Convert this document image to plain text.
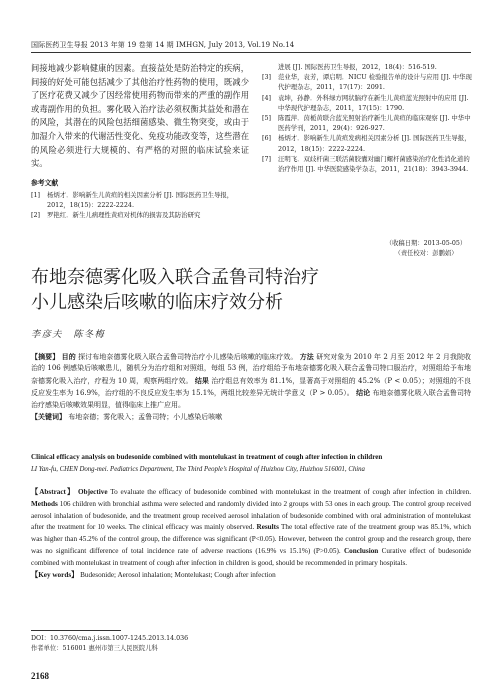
国际医药卫生导报 2013 年第 19 卷第 14 期 IMHGN, July 2013, Vol.19 No.14
间接地减少影响健康的因素。直接益处是防治特定的疾病，间接的好处可能包括减少了其他治疗性药物的使用，既减少了医疗花费又减少了因经常使用药物而带来的严重的副作用或毒副作用的负担。雾化吸入治疗法必须权衡其益处和潜在的风险，其潜在的风险包括细菌感染、微生物突变，或由于加湿介入带来的代谢活性变化、免疫功能改变等，这些潜在的风险必须进行大规模的、有严格的对照的临床试验来证实。
参考文献
[1]	杨炳才．影响新生儿黄疸的相关因素分析 [J]. 国际医药卫生导报，2012，18(15)：2222-2224.
[2]	罗艳红．新生儿病理性黄疸对机体的损害及其防治研究
进展 [J]. 国际医药卫生导报，2012，18(4)：516-519.
[3]	范业华，袁芳，谭启明．NICU 检验报告单的设计与应用 [J]. 中华现代护理杂志，2011，17(17)：2091.
[4]	袁坤，孙静．外科绿方网状脑疗在新生儿黄疸蓝光照射中的应用 [J]. 中华现代护理杂志，2011，17(15)：1790.
[5]	陈霞萍．茵栀黄联合蓝光照射治疗新生儿黄疸的临床观察 [J]. 中华中医药学刊，2011，29(4)：926-927.
[6]	杨炳才．影响新生儿黄疸发病相关因素分析 [J]. 国际医药卫生导报，2012，18(15)：2222-2224.
[7]	汪明飞．双歧杆菌三联活菌胶囊对幽门螺杆菌感染治疗化性消化道的治疗作用 [J]. 中华医院感染学杂志，2011，21(18)：3943-3944.
（收稿日期：2013-05-05）
（责任校对：彭鹏娟）
布地奈德雾化吸入联合孟鲁司特治疗
小儿感染后咳嗽的临床疗效分析
李彦夫　陈冬梅
【摘要】 目的 探讨布地奈德雾化吸入联合孟鲁司特治疗小儿感染后咳嗽的临床疗效。 方法 研究对象为 2010 年 2 月至 2012 年 2 月我院收治的 106 例感染后咳嗽患儿，随机分为治疗组和对照组，每组 53 例，治疗组给予布地奈德雾化吸入联合孟鲁司特口服治疗，对照组给予布地奈德雾化吸入治疗，疗程为 10 周，观察两组疗效。 结果 治疗组总有效率为 81.1%，显著高于对照组的 45.2%（P < 0.05）；对照组的不良反应发生率为 16.9%，治疗组的不良反应发生率为 15.1%，两组比较差异无统计学意义（P > 0.05）。 结论 布地奈德雾化吸入联合孟鲁司特治疗感染后咳嗽效果明显，值得临床上推广应用。
【关键词】 布地奈德；雾化吸入；孟鲁司特；小儿感染后咳嗽
Clinical efficacy analysis on budesonide combined with montelukast in treatment of cough after infection in children
LI Yan-fu, CHEN Dong-mei. Pediatrics Department, The Third People’s Hospital of Huizhou City, Huizhou 516001, China
【Abstract】 Objective To evaluate the efficacy of budesonide combined with montelukast in the treatment of cough after infection in children. Methods 106 children with bronchial asthma were selected and randomly divided into 2 groups with 53 ones in each group. The control group received aerosol inhalation of budesonide, and the treatment group received aerosol inhalation of budesonide combined with oral administration of montelukast after the treatment for 10 weeks. The clinical efficacy was mainly observed. Results The total effective rate of the treatment group was 85.1%, which was higher than 45.2% of the control group, the difference was significant (P<0.05). However, between the control group and the research group, there was no significant difference of total incidence rate of adverse reactions (16.9% vs 15.1%) (P>0.05). Conclusion Curative effect of budesonide combined with montelukast in treatment of cough after infection in children is good, should be recommended in primary hospitals.
【Key words】 Budesonide; Aerosol inhalation; Montelukast; Cough after infection
DOI：10.3760/cma.j.issn.1007-1245.2013.14.036
作者单位：516001 惠州市第三人民医院儿科
2168
